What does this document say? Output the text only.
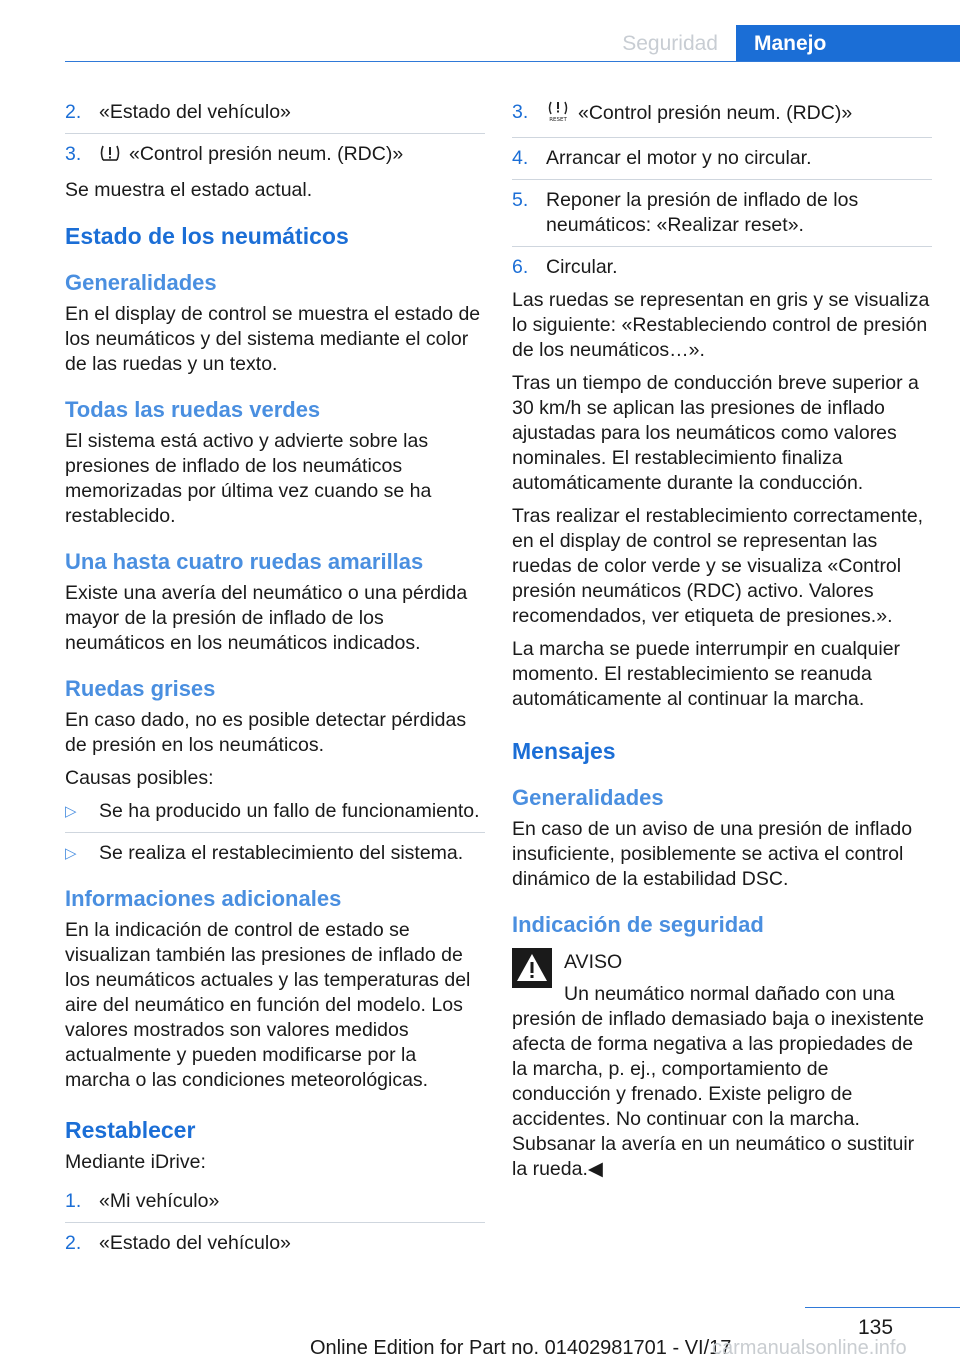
Seguridad	Manejo
2. «Estado del vehículo»
3.	«Control presión neum. (RDC)»
Se muestra el estado actual.
Estado de los neumáticos
Generalidades
En el display de control se muestra el estado de los neumáticos y del sistema mediante el color de las ruedas y un texto.
Todas las ruedas verdes
El sistema está activo y advierte sobre las presiones de inflado de los neumáticos memorizadas por última vez cuando se ha restablecido.
Una hasta cuatro ruedas amarillas
Existe una avería del neumático o una pérdida mayor de la presión de inflado de los neumáticos en los neumáticos indicados.
Ruedas grises
En caso dado, no es posible detectar pérdidas de presión en los neumáticos.
Causas posibles:
▷	Se ha producido un fallo de funcionamiento.
▷	Se realiza el restablecimiento del sistema.
Informaciones adicionales
En la indicación de control de estado se visualizan también las presiones de inflado de los neumáticos actuales y las temperaturas del aire del neumático en función del modelo. Los valores mostrados son valores medidos actualmente y pueden modificarse por la marcha o las condiciones meteorológicas.
Restablecer
Mediante iDrive:
1. «Mi vehículo»
2. «Estado del vehículo»
3.	RESET «Control presión neum. (RDC)»
4. Arrancar el motor y no circular.
5. Reponer la presión de inflado de los neumáticos: «Realizar reset».
6. Circular.
Las ruedas se representan en gris y se visualiza lo siguiente: «Restableciendo control de presión de los neumáticos…».
Tras un tiempo de conducción breve superior a 30 km/h se aplican las presiones de inflado ajustadas para los neumáticos como valores nominales. El restablecimiento finaliza automáticamente durante la conducción.
Tras realizar el restablecimiento correctamente, en el display de control se representan las ruedas de color verde y se visualiza «Control presión neumáticos (RDC) activo. Valores recomendados, ver etiqueta de presiones.».
La marcha se puede interrumpir en cualquier momento. El restablecimiento se reanuda automáticamente al continuar la marcha.
Mensajes
Generalidades
En caso de un aviso de una presión de inflado insuficiente, posiblemente se activa el control dinámico de la estabilidad DSC.
Indicación de seguridad
AVISO
Un neumático normal dañado con una presión de inflado demasiado baja o inexistente afecta de forma negativa a las propiedades de la marcha, p. ej., comportamiento de conducción y frenado. Existe peligro de accidentes. No continuar con la marcha. Subsanar la avería en un neumático o sustituir la rueda.◀
135
Online Edition for Part no. 01402981701 - VI/17
carmanualsonline.info
